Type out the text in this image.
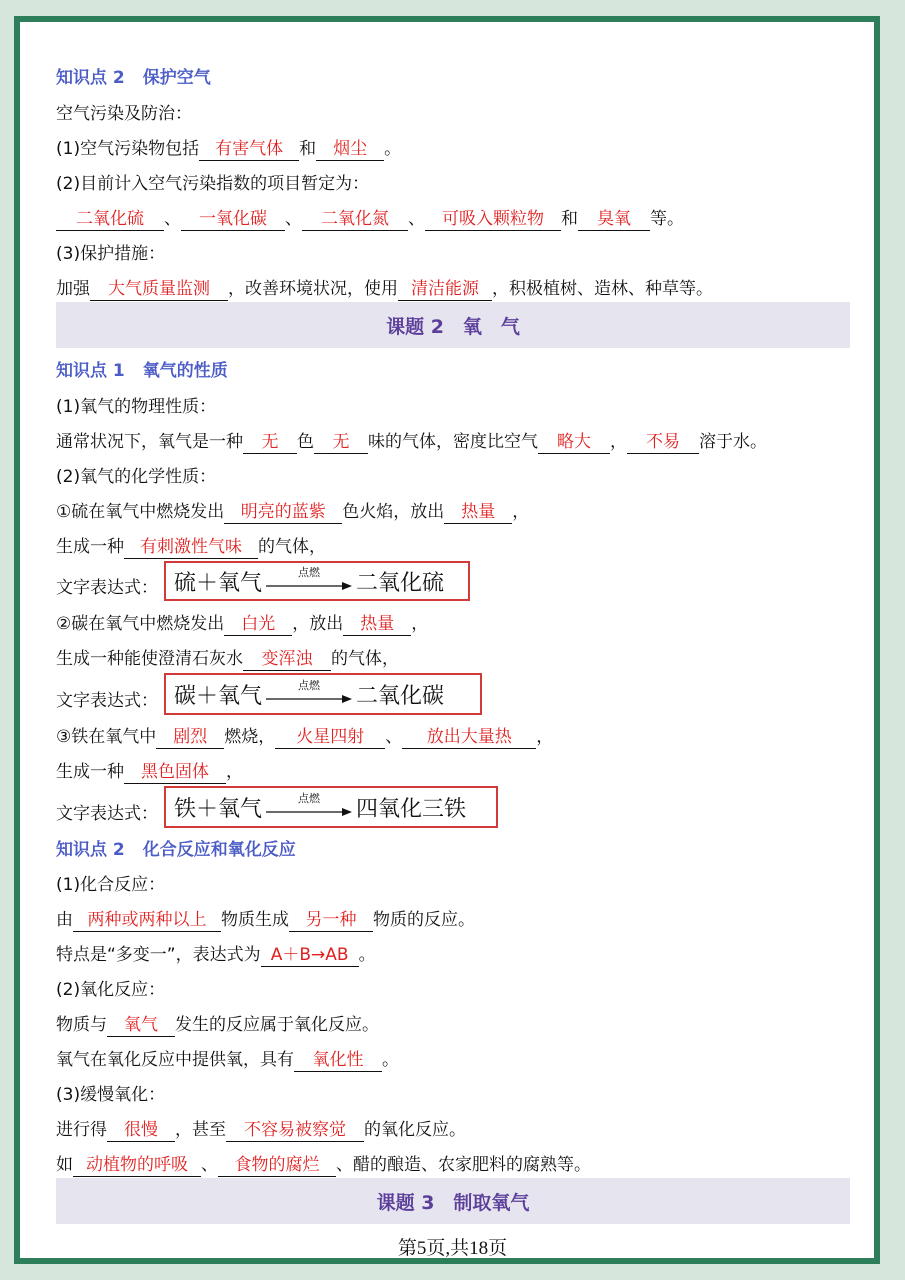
知识点 2 保护空气
空气污染及防治：
(1)空气污染物包括 有害气体 和 烟尘 。
(2)目前计入空气污染指数的项目暂定为：
二氧化硫 、 一氧化碳 、 二氧化氮 、 可吸入颗粒物 和 臭氧 等。
(3)保护措施：
加强 大气质量监测 ，改善环境状况，使用 清洁能源 ，积极植树、造林、种草等。
课题 2　氧　气
知识点 1 氧气的性质
(1)氧气的物理性质：
通常状况下，氧气是一种 无 色 无 味的气体，密度比空气 略大 ， 不易 溶于水。
(2)氧气的化学性质：
①硫在氧气中燃烧发出 明亮的蓝紫 色火焰，放出 热量 ，
生成一种 有刺激性气味 的气体，
文字表达式： 硫＋氧气	点燃	二氧化硫
②碳在氧气中燃烧发出 白光 ，放出 热量 ，
生成一种能使澄清石灰水 变浑浊 的气体，
文字表达式： 碳＋氧气	点燃	二氧化碳
③铁在氧气中 剧烈 燃烧， 火星四射 、 放出大量热 ，
生成一种 黑色固体 ，
文字表达式： 铁＋氧气	点燃	四氧化三铁
知识点 2 化合反应和氧化反应
(1)化合反应：
由 两种或两种以上 物质生成 另一种 物质的反应。
特点是“多变一”，表达式为 A＋B→AB 。
(2)氧化反应：
物质与 氧气 发生的反应属于氧化反应。
氧气在氧化反应中提供氧，具有 氧化性 。
(3)缓慢氧化：
进行得 很慢 ，甚至 不容易被察觉 的氧化反应。
如 动植物的呼吸 、 食物的腐烂 、醋的酿造、农家肥料的腐熟等。
课题 3　制取氧气
第5页,共18页
